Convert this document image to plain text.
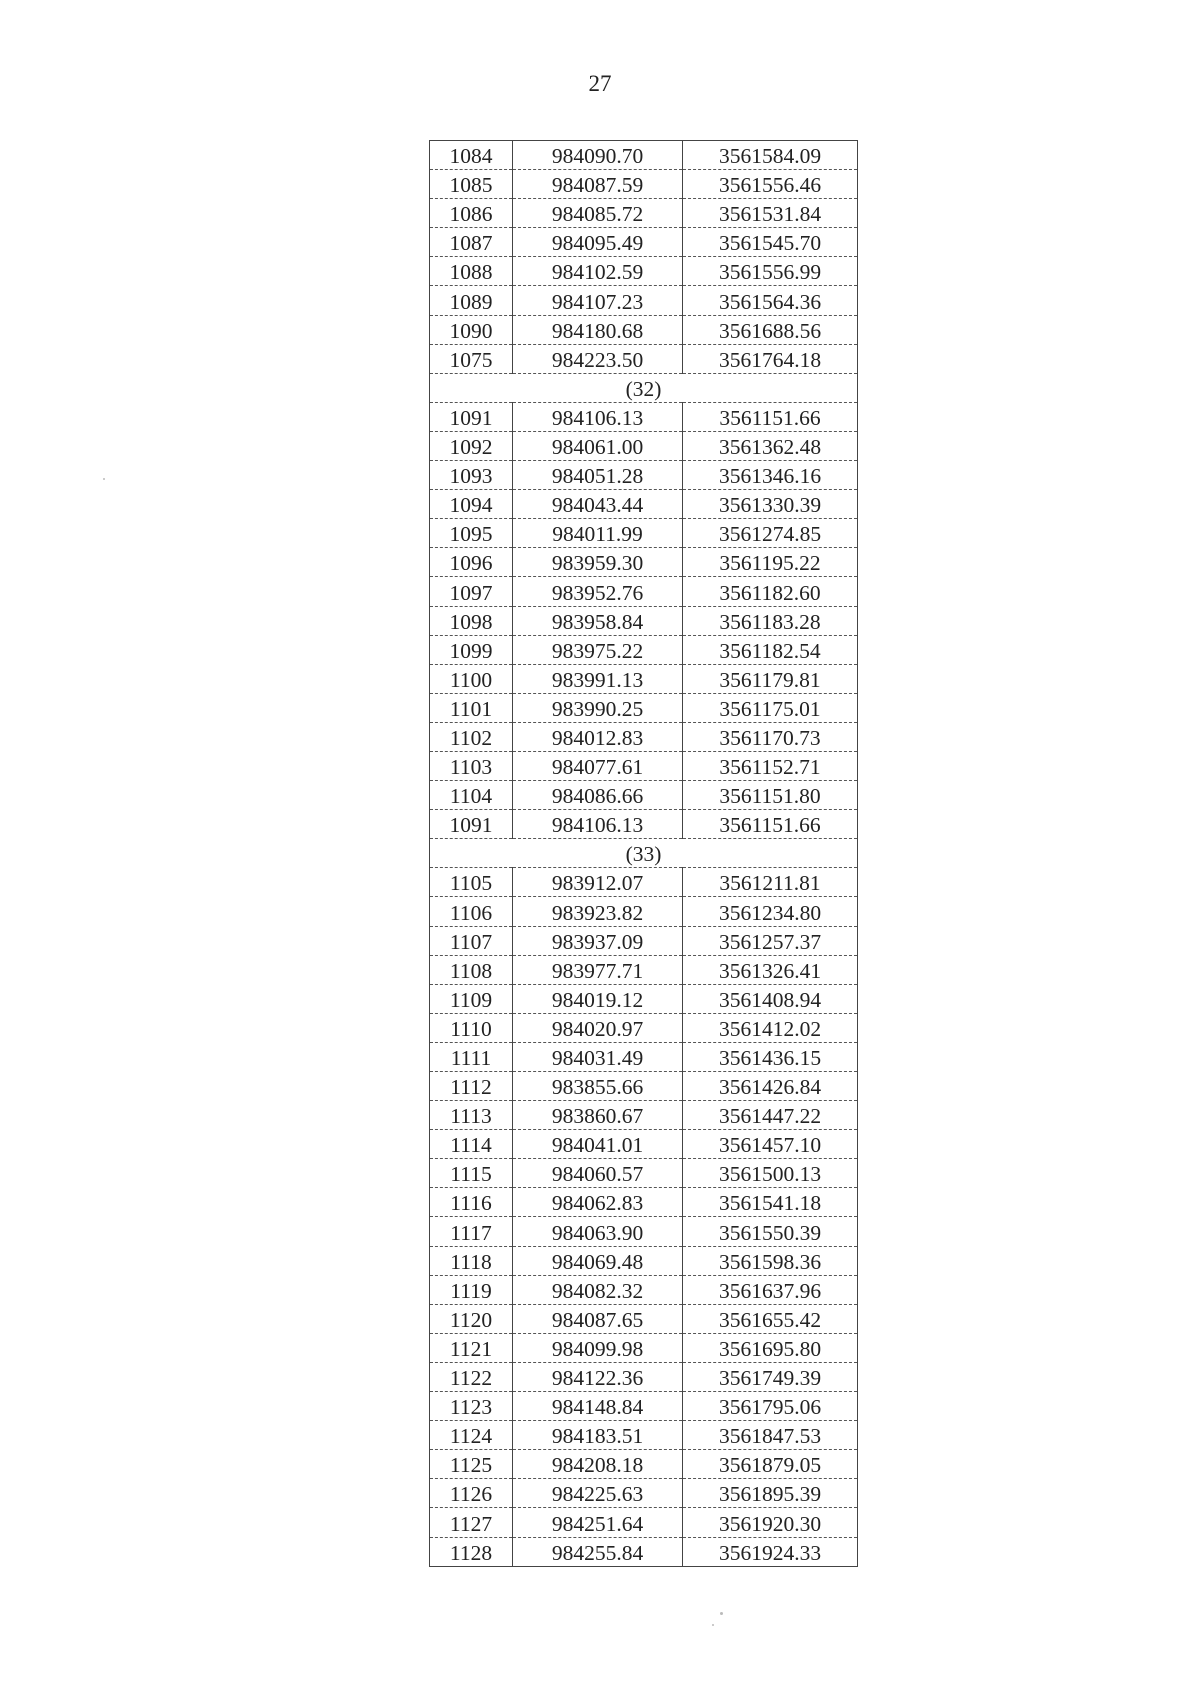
27
1084	984090.70	3561584.09
1085	984087.59	3561556.46
1086	984085.72	3561531.84
1087	984095.49	3561545.70
1088	984102.59	3561556.99
1089	984107.23	3561564.36
1090	984180.68	3561688.56
1075	984223.50	3561764.18
(32)		
1091	984106.13	3561151.66
1092	984061.00	3561362.48
1093	984051.28	3561346.16
1094	984043.44	3561330.39
1095	984011.99	3561274.85
1096	983959.30	3561195.22
1097	983952.76	3561182.60
1098	983958.84	3561183.28
1099	983975.22	3561182.54
1100	983991.13	3561179.81
1101	983990.25	3561175.01
1102	984012.83	3561170.73
1103	984077.61	3561152.71
1104	984086.66	3561151.80
1091	984106.13	3561151.66
(33)		
1105	983912.07	3561211.81
1106	983923.82	3561234.80
1107	983937.09	3561257.37
1108	983977.71	3561326.41
1109	984019.12	3561408.94
1110	984020.97	3561412.02
1111	984031.49	3561436.15
1112	983855.66	3561426.84
1113	983860.67	3561447.22
1114	984041.01	3561457.10
1115	984060.57	3561500.13
1116	984062.83	3561541.18
1117	984063.90	3561550.39
1118	984069.48	3561598.36
1119	984082.32	3561637.96
1120	984087.65	3561655.42
1121	984099.98	3561695.80
1122	984122.36	3561749.39
1123	984148.84	3561795.06
1124	984183.51	3561847.53
1125	984208.18	3561879.05
1126	984225.63	3561895.39
1127	984251.64	3561920.30
1128	984255.84	3561924.33
